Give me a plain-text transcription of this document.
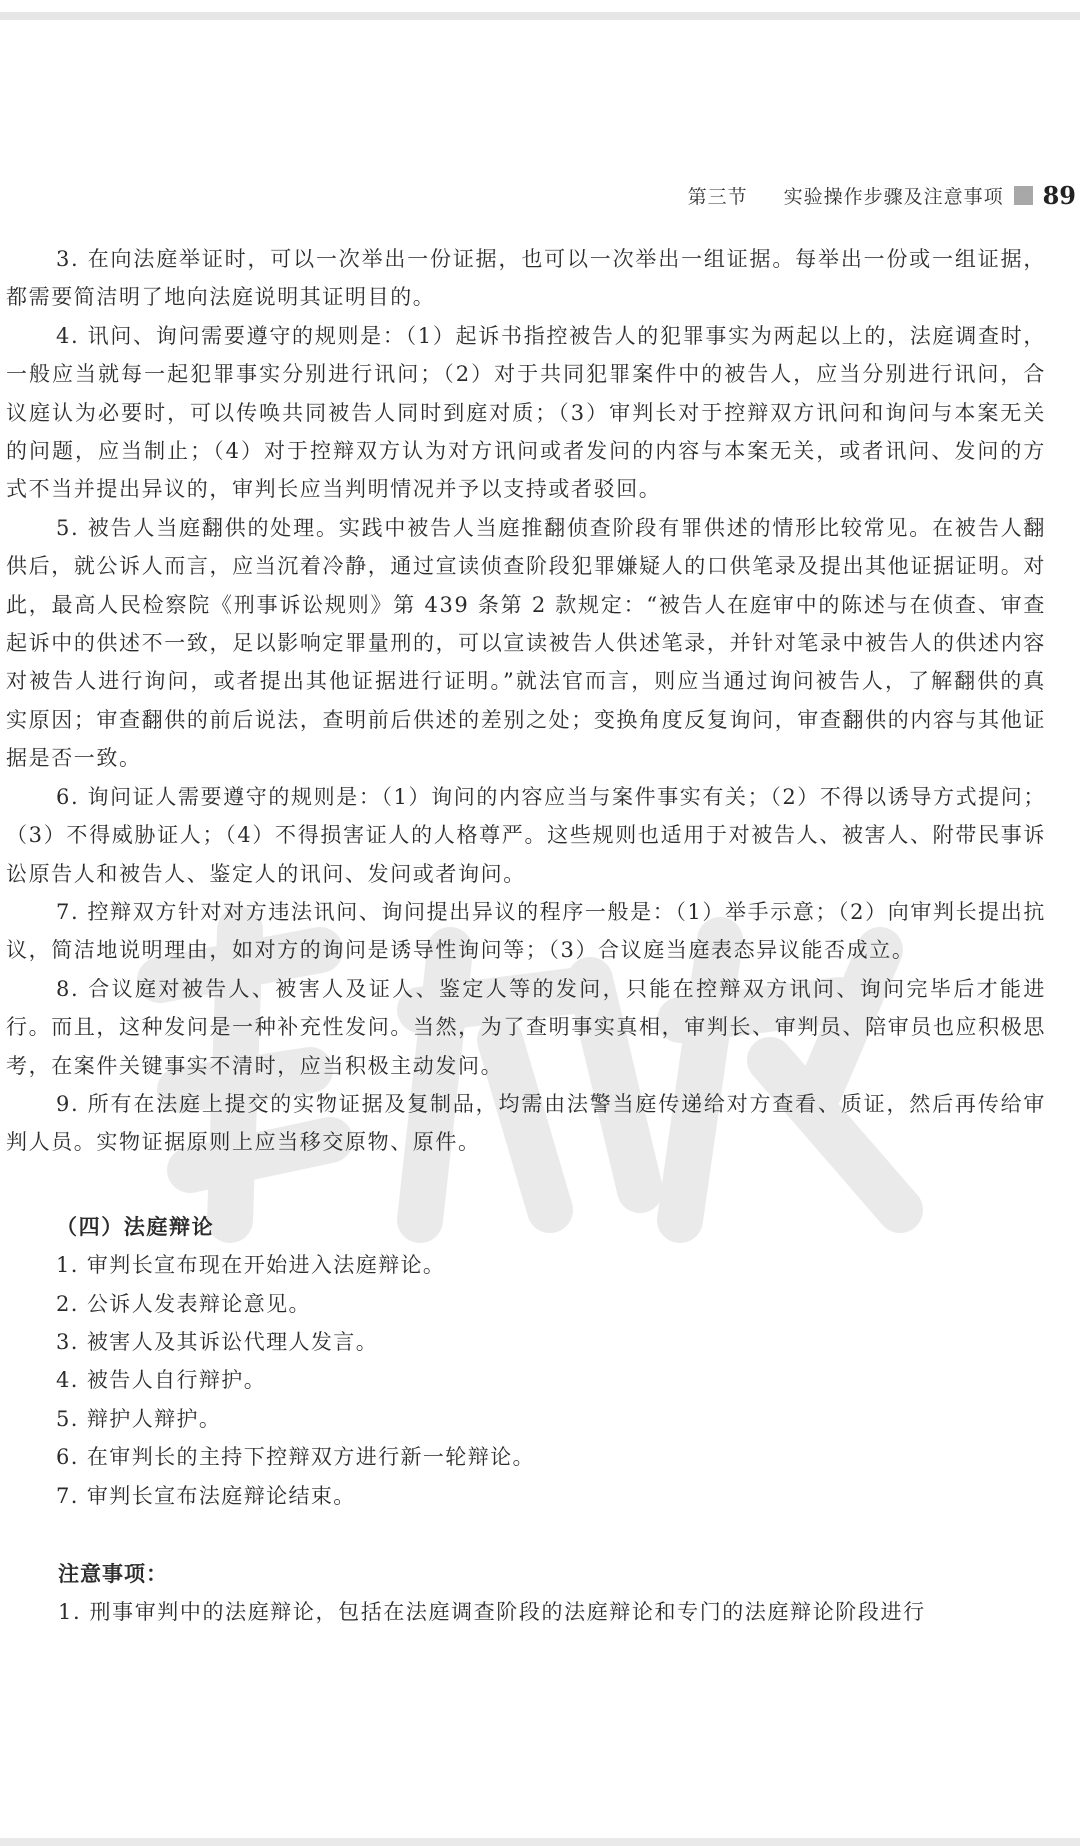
第三节 实验操作步骤及注意事项 89

3. 在向法庭举证时，可以一次举出一份证据，也可以一次举出一组证据。每举出一份或一组证据，都需要简洁明了地向法庭说明其证明目的。

4. 讯问、询问需要遵守的规则是：（1）起诉书指控被告人的犯罪事实为两起以上的，法庭调查时，一般应当就每一起犯罪事实分别进行讯问；（2）对于共同犯罪案件中的被告人，应当分别进行讯问，合议庭认为必要时，可以传唤共同被告人同时到庭对质；（3）审判长对于控辩双方讯问和询问与本案无关的问题，应当制止；（4）对于控辩双方认为对方讯问或者发问的内容与本案无关，或者讯问、发问的方式不当并提出异议的，审判长应当判明情况并予以支持或者驳回。

5. 被告人当庭翻供的处理。实践中被告人当庭推翻侦查阶段有罪供述的情形比较常见。在被告人翻供后，就公诉人而言，应当沉着冷静，通过宣读侦查阶段犯罪嫌疑人的口供笔录及提出其他证据证明。对此，最高人民检察院《刑事诉讼规则》第 439 条第 2 款规定：“被告人在庭审中的陈述与在侦查、审查起诉中的供述不一致，足以影响定罪量刑的，可以宣读被告人供述笔录，并针对笔录中被告人的供述内容对被告人进行询问，或者提出其他证据进行证明。”就法官而言，则应当通过询问被告人，了解翻供的真实原因；审查翻供的前后说法，查明前后供述的差别之处；变换角度反复询问，审查翻供的内容与其他证据是否一致。

6. 询问证人需要遵守的规则是：（1）询问的内容应当与案件事实有关；（2）不得以诱导方式提问；（3）不得威胁证人；（4）不得损害证人的人格尊严。这些规则也适用于对被告人、被害人、附带民事诉讼原告人和被告人、鉴定人的讯问、发问或者询问。

7. 控辩双方针对对方违法讯问、询问提出异议的程序一般是：（1）举手示意；（2）向审判长提出抗议，简洁地说明理由，如对方的询问是诱导性询问等；（3）合议庭当庭表态异议能否成立。

8. 合议庭对被告人、被害人及证人、鉴定人等的发问，只能在控辩双方讯问、询问完毕后才能进行。而且，这种发问是一种补充性发问。当然，为了查明事实真相，审判长、审判员、陪审员也应积极思考，在案件关键事实不清时，应当积极主动发问。

9. 所有在法庭上提交的实物证据及复制品，均需由法警当庭传递给对方查看、质证，然后再传给审判人员。实物证据原则上应当移交原物、原件。

（四）法庭辩论

1. 审判长宣布现在开始进入法庭辩论。

2. 公诉人发表辩论意见。

3. 被害人及其诉讼代理人发言。

4. 被告人自行辩护。

5. 辩护人辩护。

6. 在审判长的主持下控辩双方进行新一轮辩论。

7. 审判长宣布法庭辩论结束。

注意事项：

1. 刑事审判中的法庭辩论，包括在法庭调查阶段的法庭辩论和专门的法庭辩论阶段进行
